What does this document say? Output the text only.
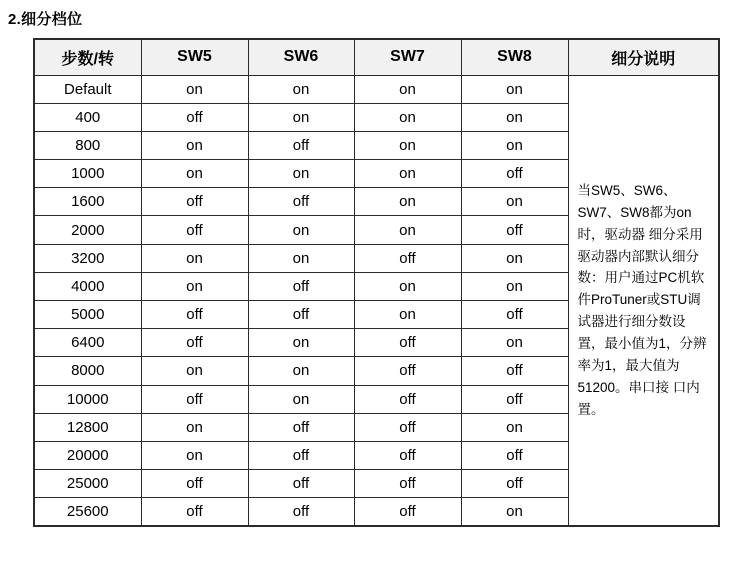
2.细分档位
步数/转	SW5	SW6	SW7	SW8	细分说明
Default	on	on	on	on	当SW5、SW6、SW7、SW8都为on时，驱动器 细分采用驱动器内部默认细分数：用户通过PC机软件ProTuner或STU调试器进行细分数设置，最小值为1，分辨率为1，最大值为51200。串口接 口内置。
400	off	on	on	on	
800	on	off	on	on	
1000	on	on	on	off	
1600	off	off	on	on	
2000	off	on	on	off	
3200	on	on	off	on	
4000	on	off	on	on	
5000	off	off	on	off	
6400	off	on	off	on	
8000	on	on	off	off	
10000	off	on	off	off	
12800	on	off	off	on	
20000	on	off	off	off	
25000	off	off	off	off	
25600	off	off	off	on	
